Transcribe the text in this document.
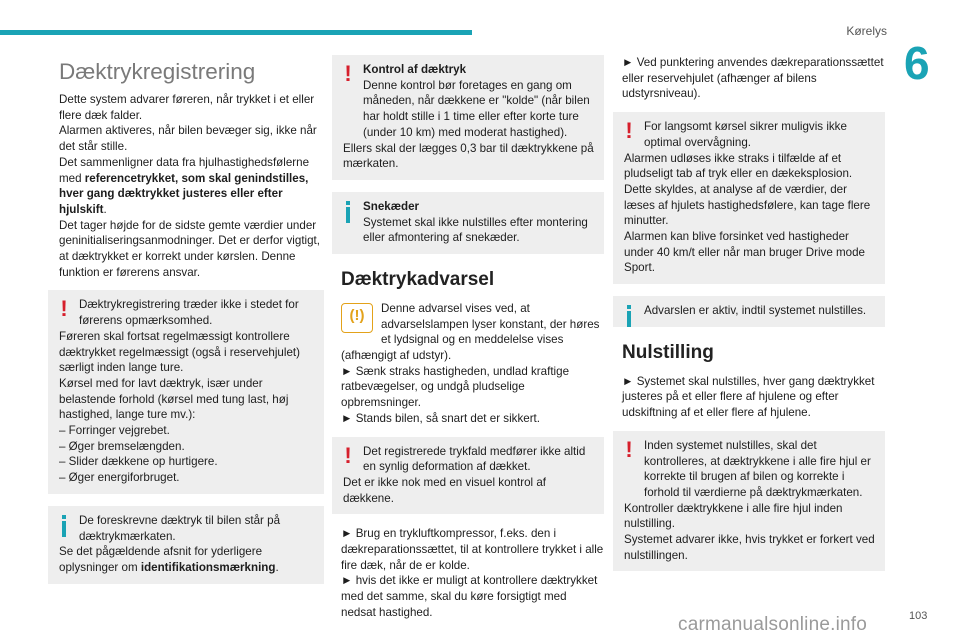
Kørelys
6
Dæktrykregistrering

Dette system advarer føreren, når trykket i et eller flere dæk falder.

Alarmen aktiveres, når bilen bevæger sig, ikke når det står stille.

Det sammenligner data fra hjulhastighedsfølerne med referencetrykket, som skal genindstilles, hver gang dæktrykket justeres eller efter hjulskift.

Det tager højde for de sidste gemte værdier under geninitialiseringsanmodninger. Det er derfor vigtigt, at dæktrykket er korrekt under kørslen. Denne funktion er førerens ansvar.

! Dæktrykregistrering træder ikke i stedet for førerens opmærksomhed.

Føreren skal fortsat regelmæssigt kontrollere dæktrykket regelmæssigt (også i reservehjulet) særligt inden lange ture.

Kørsel med for lavt dæktryk, især under belastende forhold (kørsel med tung last, høj hastighed, lange ture mv.):

– Forringer vejgrebet.

– Øger bremselængden.

– Slider dækkene op hurtigere.

– Øger energiforbruget.

De foreskrevne dæktryk til bilen står på dæktrykmærkaten.

Se det pågældende afsnit for yderligere oplysninger om identifikationsmærkning.

! Kontrol af dæktryk

Denne kontrol bør foretages en gang om måneden, når dækkene er "kolde" (når bilen har holdt stille i 1 time eller efter korte ture (under 10 km) med moderat hastighed).

Ellers skal der lægges 0,3 bar til dæktrykkene på mærkaten.

Snekæder

Systemet skal ikke nulstilles efter montering eller afmontering af snekæder.

Dæktrykadvarsel
(!)	Denne advarsel vises ved, at advarselslampen lyser konstant, der høres et lydsignal og en meddelelse vises (afhængigt af udstyr).

► Sænk straks hastigheden, undlad kraftige ratbevægelser, og undgå pludselige opbremsninger.

► Stands bilen, så snart det er sikkert.

! Det registrerede trykfald medfører ikke altid en synlig deformation af dækket.

Det er ikke nok med en visuel kontrol af dækkene.

► Brug en trykluftkompressor, f.eks. den i dækreparationssættet, til at kontrollere trykket i alle fire dæk, når de er kolde.

► hvis det ikke er muligt at kontrollere dæktrykket med det samme, skal du køre forsigtigt med nedsat hastighed.

► Ved punktering anvendes dækreparationssættet eller reservehjulet (afhænger af bilens udstyrsniveau).

! For langsomt kørsel sikrer muligvis ikke optimal overvågning.

Alarmen udløses ikke straks i tilfælde af et pludseligt tab af tryk eller en dækeksplosion.

Dette skyldes, at analyse af de værdier, der læses af hjulets hastighedsfølere, kan tage flere minutter.

Alarmen kan blive forsinket ved hastigheder under 40 km/t eller når man bruger Drive mode Sport.

Advarslen er aktiv, indtil systemet nulstilles.

Nulstilling

► Systemet skal nulstilles, hver gang dæktrykket justeres på et eller flere af hjulene og efter udskiftning af et eller flere af hjulene.

! Inden systemet nulstilles, skal det kontrolleres, at dæktrykkene i alle fire hjul er korrekte til brugen af bilen og korrekte i forhold til værdierne på dæktrykmærkaten.

Kontroller dæktrykkene i alle fire hjul inden nulstilling.

Systemet advarer ikke, hvis trykket er forkert ved nulstillingen.

carmanualsonline.info	103
